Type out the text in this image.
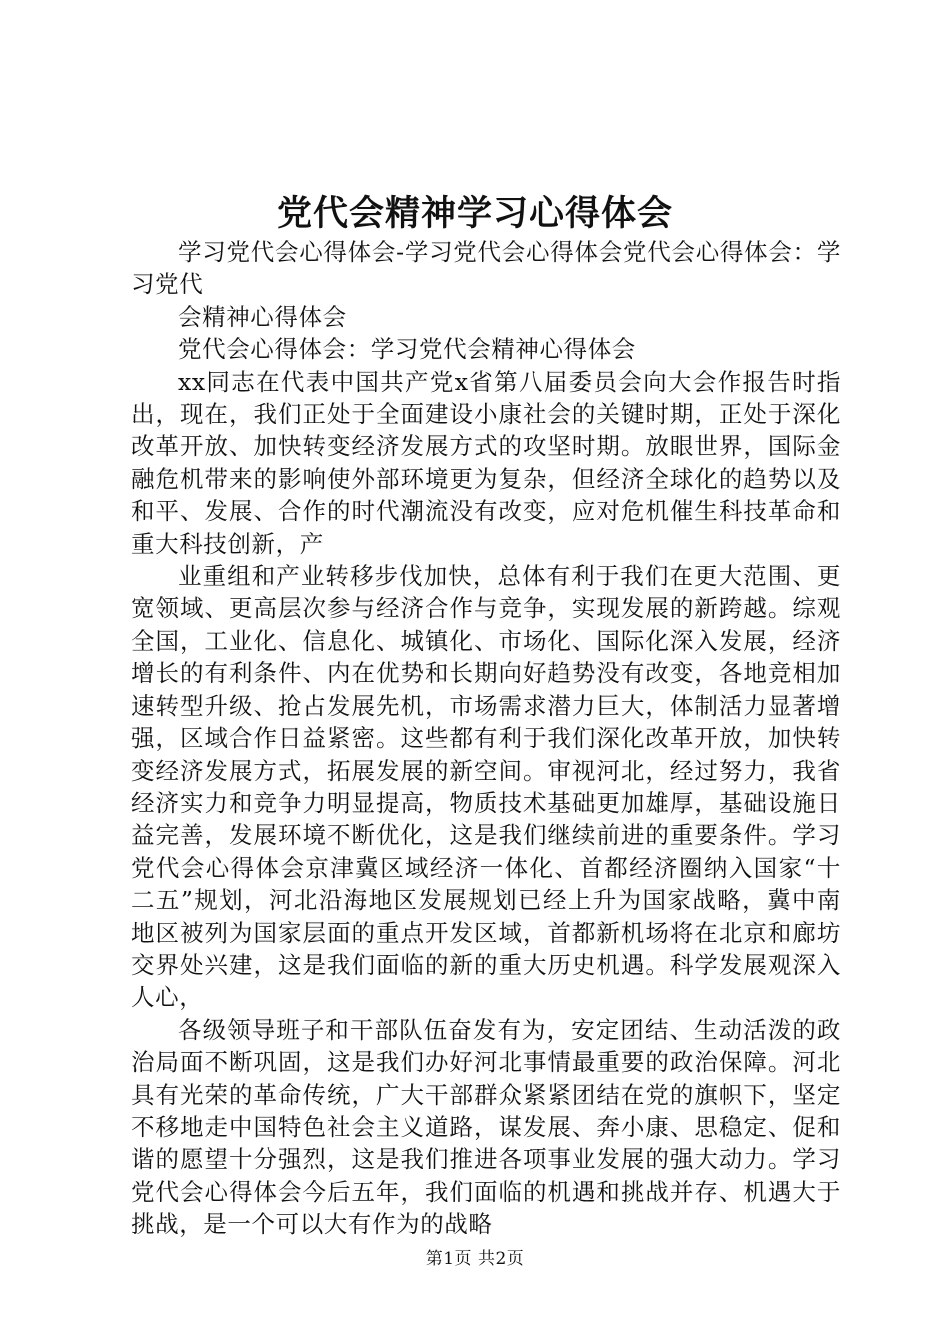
党代会精神学习心得体会

学习党代会心得体会-学习党代会心得体会党代会心得体会：学习党代

会精神心得体会

党代会心得体会：学习党代会精神心得体会

xx同志在代表中国共产党x省第八届委员会向大会作报告时指出，现在，我们正处于全面建设小康社会的关键时期，正处于深化改革开放、加快转变经济发展方式的攻坚时期。放眼世界，国际金融危机带来的影响使外部环境更为复杂，但经济全球化的趋势以及和平、发展、合作的时代潮流没有改变，应对危机催生科技革命和重大科技创新，产

业重组和产业转移步伐加快，总体有利于我们在更大范围、更宽领域、更高层次参与经济合作与竞争，实现发展的新跨越。综观全国，工业化、信息化、城镇化、市场化、国际化深入发展，经济增长的有利条件、内在优势和长期向好趋势没有改变，各地竞相加速转型升级、抢占发展先机，市场需求潜力巨大，体制活力显著增强，区域合作日益紧密。这些都有利于我们深化改革开放，加快转变经济发展方式，拓展发展的新空间。审视河北，经过努力，我省经济实力和竞争力明显提高，物质技术基础更加雄厚，基础设施日益完善，发展环境不断优化，这是我们继续前进的重要条件。学习党代会心得体会京津冀区域经济一体化、首都经济圈纳入国家“十二五”规划，河北沿海地区发展规划已经上升为国家战略，冀中南地区被列为国家层面的重点开发区域，首都新机场将在北京和廊坊交界处兴建，这是我们面临的新的重大历史机遇。科学发展观深入人心，

各级领导班子和干部队伍奋发有为，安定团结、生动活泼的政治局面不断巩固，这是我们办好河北事情最重要的政治保障。河北具有光荣的革命传统，广大干部群众紧紧团结在党的旗帜下，坚定不移地走中国特色社会主义道路，谋发展、奔小康、思稳定、促和谐的愿望十分强烈，这是我们推进各项事业发展的强大动力。学习党代会心得体会今后五年，我们面临的机遇和挑战并存、机遇大于挑战，是一个可以大有作为的战略

第1页 共2页
